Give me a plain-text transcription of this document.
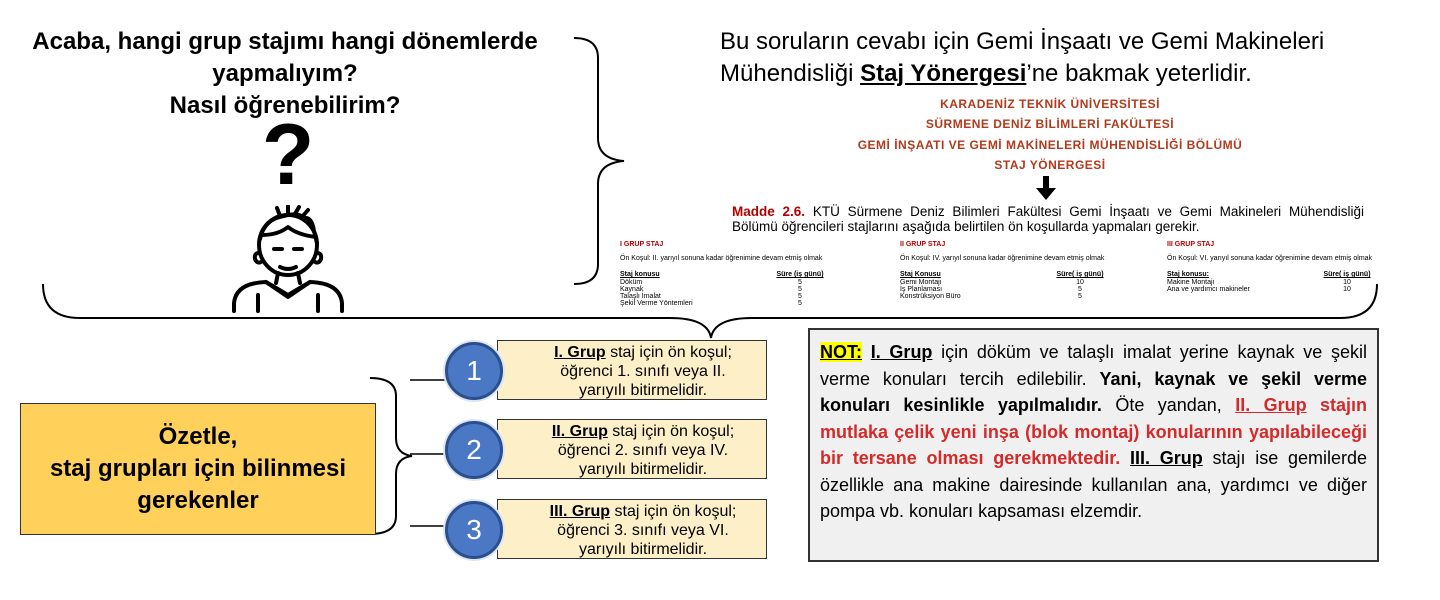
Acaba, hangi grup stajımı hangi dönemlerde
yapmalıyım?
Nasıl öğrenebilirim?
?
Bu soruların cevabı için Gemi İnşaatı ve Gemi Makineleri
Mühendisliği Staj Yönergesi’ne bakmak yeterlidir.
KARADENİZ TEKNİK ÜNİVERSİTESİ
SÜRMENE DENİZ BİLİMLERİ FAKÜLTESİ
GEMİ İNŞAATI VE GEMİ MAKİNELERİ MÜHENDİSLİĞİ BÖLÜMÜ
STAJ YÖNERGESİ
Madde 2.6. KTÜ Sürmene Deniz Bilimleri Fakültesi Gemi İnşaatı ve Gemi Makineleri Mühendisliği Bölümü öğrencileri stajlarını aşağıda belirtilen ön koşullarda yapmaları gerekir.
I GRUP STAJ
Ön Koşul: II. yarıyıl sonuna kadar öğrenimine devam etmiş olmak
Staj konusu	Süre (iş günü)
Döküm	5
Kaynak	5
Talaşlı İmalat	5
Şekil Verme Yöntemleri	5
II GRUP STAJ
Ön Koşul: IV. yarıyıl sonuna kadar öğrenimine devam etmiş olmak
Staj Konusu	Süre( iş günü)
Gemi Montajı	10
İş Planlaması	5
Konstrüksiyon Büro	5
III GRUP STAJ
Ön Koşul: VI. yarıyıl sonuna kadar öğrenimine devam etmiş olmak
Staj konusu:	Süre( iş günü)
Makine Montajı	10
Ana ve yardımcı makineler	10
Özetle,
staj grupları için bilinmesi
gerekenler
I. Grup staj için ön koşul;
öğrenci 1. sınıfı veya II.
yarıyılı bitirmelidir.
1
II. Grup staj için ön koşul;
öğrenci 2. sınıfı veya IV.
yarıyılı bitirmelidir.
2
III. Grup staj için ön koşul;
öğrenci 3. sınıfı veya VI.
yarıyılı bitirmelidir.
3
NOT: I. Grup için döküm ve talaşlı imalat yerine kaynak ve şekil verme konuları tercih edilebilir. Yani, kaynak ve şekil verme konuları kesinlikle yapılmalıdır. Öte yandan, II. Grup stajın mutlaka çelik yeni inşa (blok montaj) konularının yapılabileceği bir tersane olması gerekmektedir. III. Grup stajı ise gemilerde özellikle ana makine dairesinde kullanılan ana, yardımcı ve diğer pompa vb. konuları kapsaması elzemdir.
